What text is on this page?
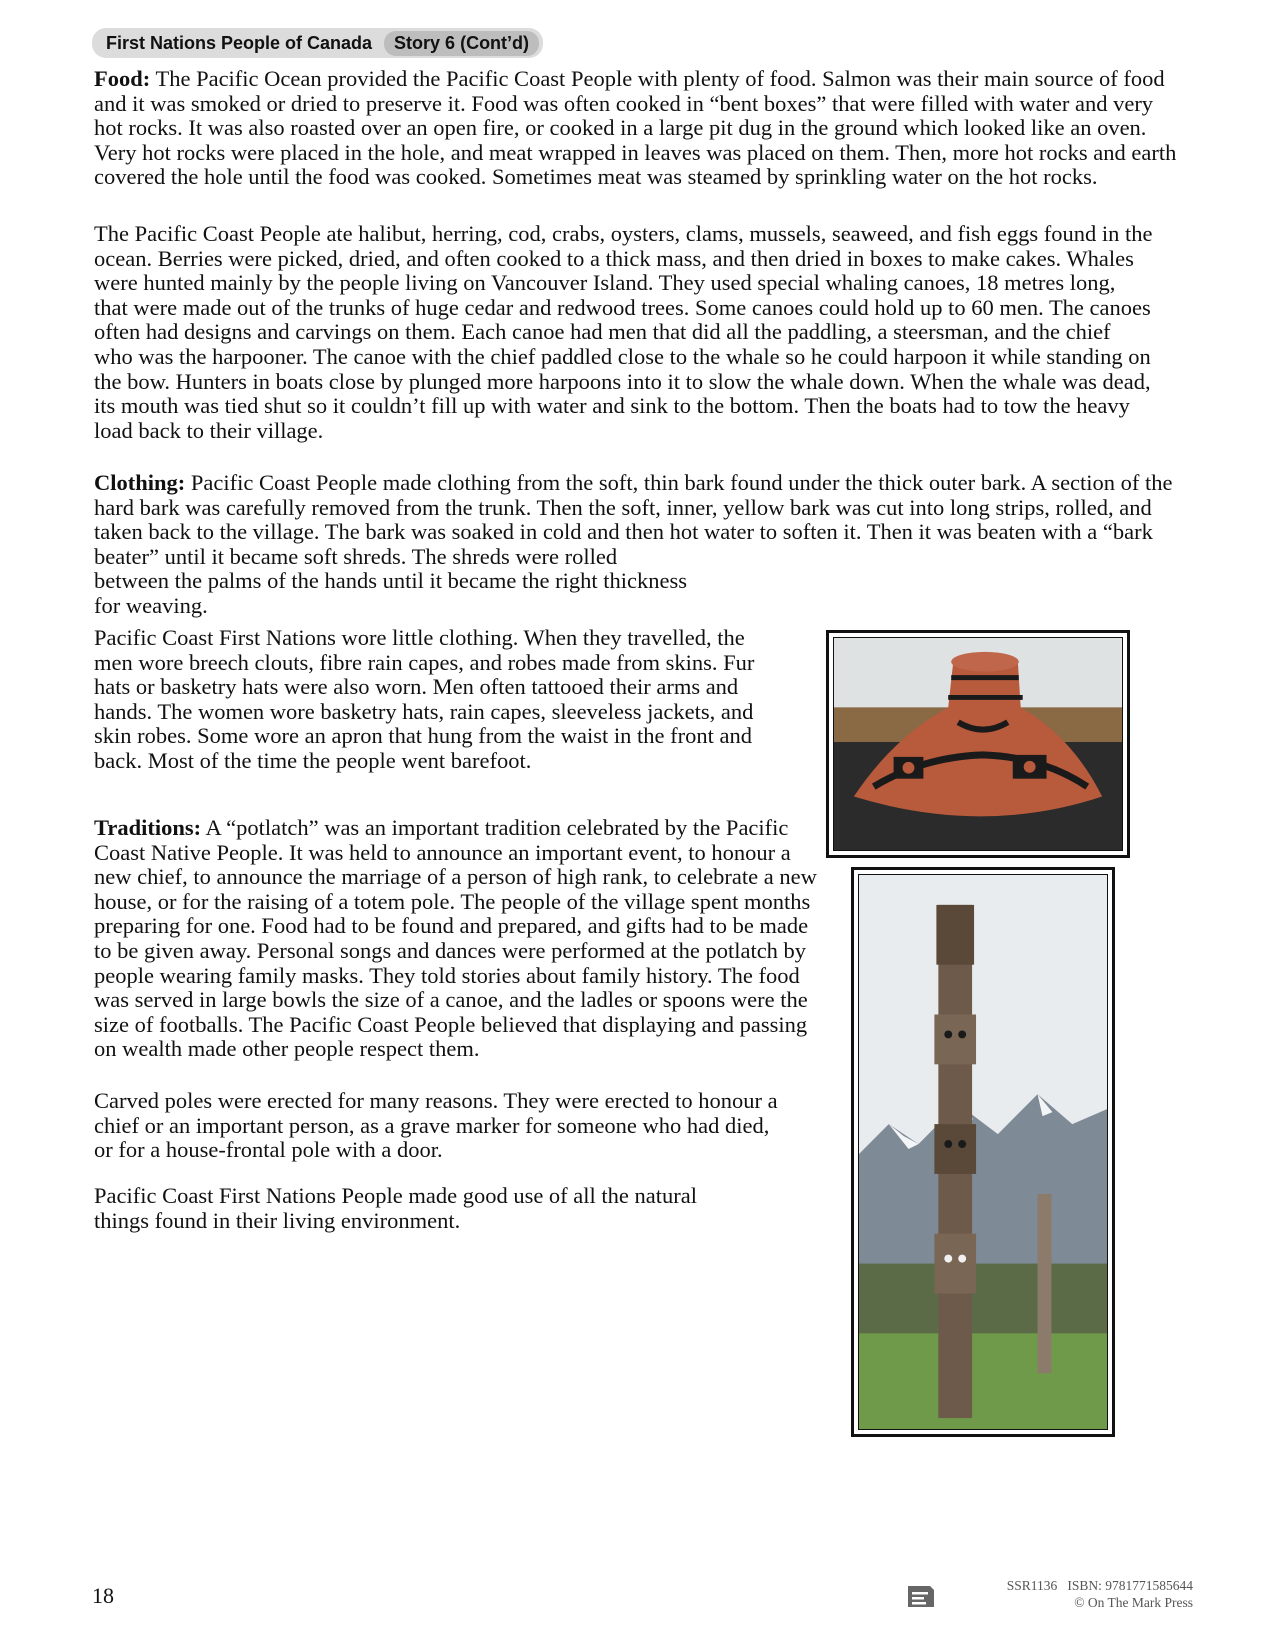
First Nations People of Canada	Story 6 (Cont’d)

Food: The Pacific Ocean provided the Pacific Coast People with plenty of food. Salmon was their main source of food and it was smoked or dried to preserve it. Food was often cooked in “bent boxes” that were filled with water and very hot rocks. It was also roasted over an open fire, or cooked in a large pit dug in the ground which looked like an oven. Very hot rocks were placed in the hole, and meat wrapped in leaves was placed on them. Then, more hot rocks and earth covered the hole until the food was cooked. Sometimes meat was steamed by sprinkling water on the hot rocks.

The Pacific Coast People ate halibut, herring, cod, crabs, oysters, clams, mussels, seaweed, and fish eggs found in the ocean. Berries were picked, dried, and often cooked to a thick mass, and then dried in boxes to make cakes. Whales were hunted mainly by the people living on Vancouver Island. They used special whaling canoes, 18 metres long, that were made out of the trunks of huge cedar and redwood trees. Some canoes could hold up to 60 men. The canoes often had designs and carvings on them. Each canoe had men that did all the paddling, a steersman, and the chief who was the harpooner. The canoe with the chief paddled close to the whale so he could harpoon it while standing on the bow. Hunters in boats close by plunged more harpoons into it to slow the whale down. When the whale was dead, its mouth was tied shut so it couldn’t fill up with water and sink to the bottom. Then the boats had to tow the heavy load back to their village.

Clothing: Pacific Coast People made clothing from the soft, thin bark found under the thick outer bark. A section of the hard bark was carefully removed from the trunk. Then the soft, inner, yellow bark was cut into long strips, rolled, and taken back to the village. The bark was soaked in cold and then hot water to soften it. Then it was beaten with a “bark beater” until it became soft shreds. The shreds were rolled
between the palms of the hands until it became the right thickness
for weaving.

Pacific Coast First Nations wore little clothing. When they travelled, the men wore breech clouts, fibre rain capes, and robes made from skins. Fur hats or basketry hats were also worn. Men often tattooed their arms and hands. The women wore basketry hats, rain capes, sleeveless jackets, and skin robes. Some wore an apron that hung from the waist in the front and back. Most of the time the people went barefoot.

Traditions: A “potlatch” was an important tradition celebrated by the Pacific Coast Native People. It was held to announce an important event, to honour a new chief, to announce the marriage of a person of high rank, to celebrate a new house, or for the raising of a totem pole. The people of the village spent months preparing for one. Food had to be found and prepared, and gifts had to be made to be given away. Personal songs and dances were performed at the potlatch by people wearing family masks. They told stories about family history. The food was served in large bowls the size of a canoe, and the ladles or spoons were the size of footballs. The Pacific Coast People believed that displaying and passing on wealth made other people respect them.

Carved poles were erected for many reasons. They were erected to honour a chief or an important person, as a grave marker for someone who had died, or for a house-frontal pole with a door.

Pacific Coast First Nations People made good use of all the natural things found in their living environment.

18	SSR1136   ISBN: 9781771585644
© On The Mark Press
